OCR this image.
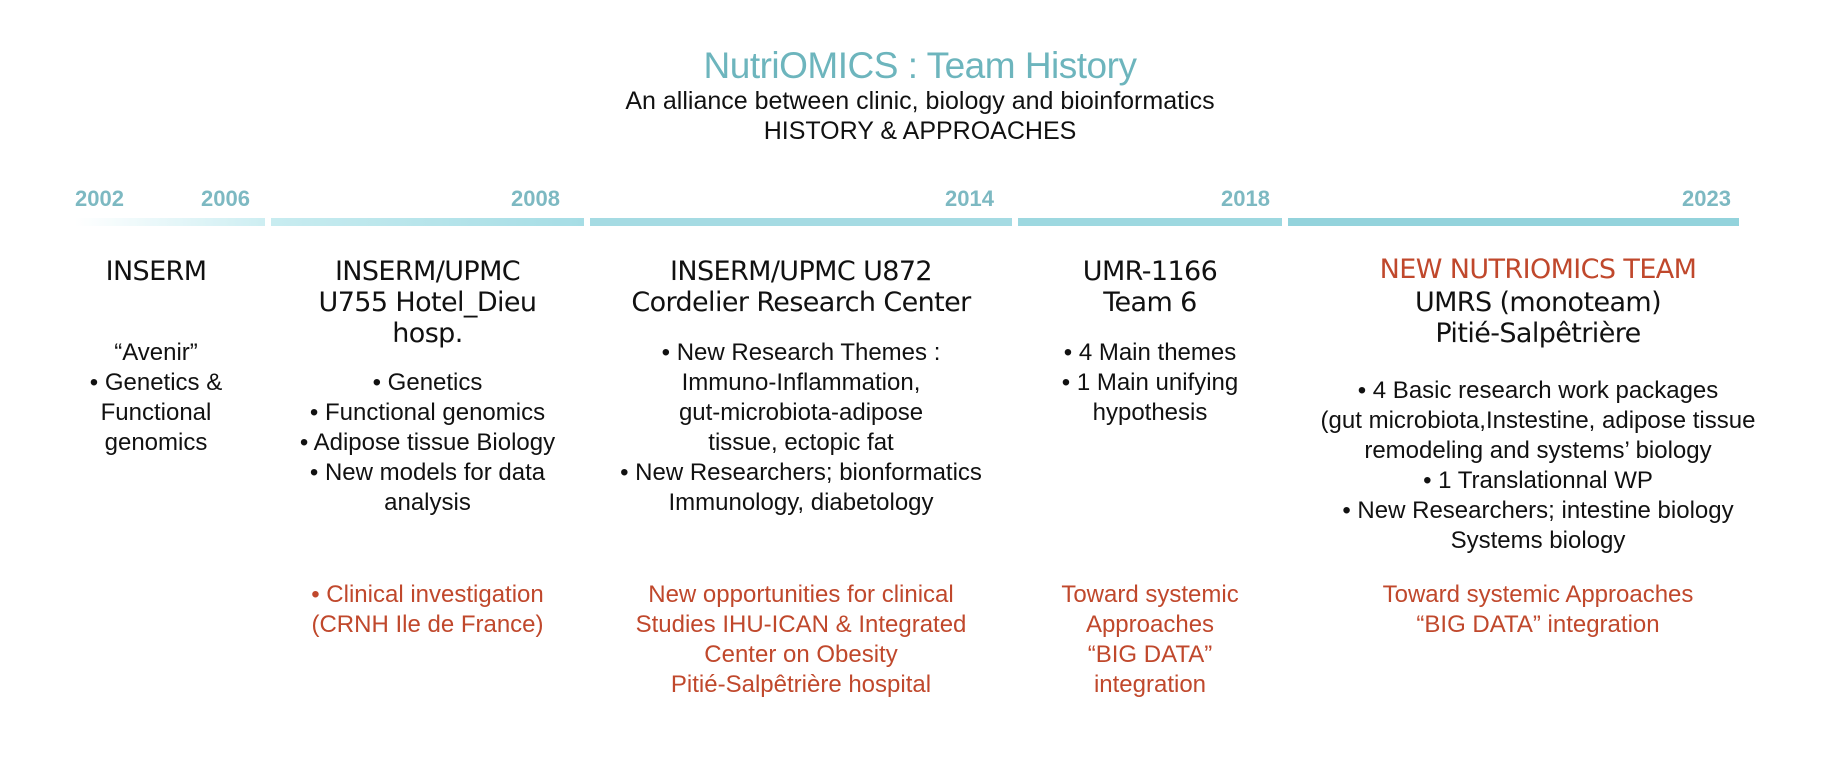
NutriOMICS : Team History
An alliance between clinic, biology and bioinformatics
HISTORY & APPROACHES
2002	2006	2008	2014	2018	2023
INSERM
“Avenir”
• Genetics &
Functional
genomics
INSERM/UPMC
U755 Hotel_Dieu
hosp.
• Genetics
• Functional genomics
• Adipose tissue Biology
• New models for data
analysis
• Clinical investigation
(CRNH Ile de France)
INSERM/UPMC U872
Cordelier Research Center
• New Research Themes :
Immuno-Inflammation,
gut-microbiota-adipose
tissue, ectopic fat
• New Researchers; bionformatics
Immunology, diabetology
New opportunities for clinical
Studies IHU-ICAN & Integrated
Center on Obesity
Pitié-Salpêtrière hospital
UMR-1166
Team 6
• 4 Main themes
• 1 Main unifying
hypothesis
Toward systemic
Approaches
“BIG DATA”
integration
NEW NUTRIOMICS TEAM
UMRS (monoteam)
Pitié-Salpêtrière
• 4 Basic research work packages
(gut microbiota,Instestine, adipose tissue
remodeling and systems’ biology
• 1 Translationnal WP
• New Researchers; intestine biology
Systems biology
Toward systemic Approaches
“BIG DATA” integration
